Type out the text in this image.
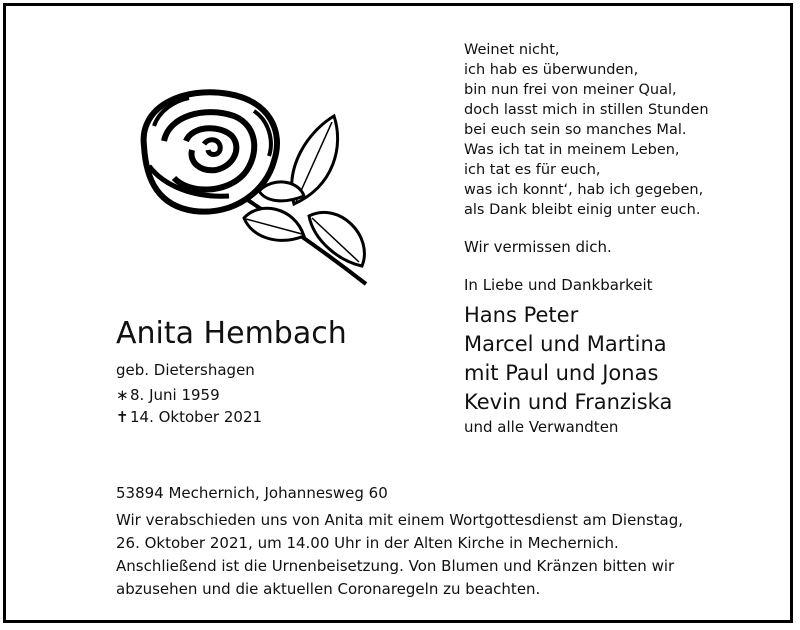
Weinet nicht,
ich hab es überwunden,
bin nun frei von meiner Qual,
doch lasst mich in stillen Stunden
bei euch sein so manches Mal.
Was ich tat in meinem Leben,
ich tat es für euch,
was ich konnt‘, hab ich gegeben,
als Dank bleibt einig unter euch.
Wir vermissen dich.
In Liebe und Dankbarkeit
Hans Peter
Marcel und Martina
mit Paul und Jonas
Kevin und Franziska
und alle Verwandten
Anita Hembach
geb. Dietershagen
∗8. Juni 1959
✝14. Oktober 2021
53894 Mechernich, Johannesweg 60
Wir verabschieden uns von Anita mit einem Wortgottesdienst am Dienstag,
26. Oktober 2021, um 14.00 Uhr in der Alten Kirche in Mechernich.
Anschließend ist die Urnenbeisetzung. Von Blumen und Kränzen bitten wir
abzusehen und die aktuellen Coronaregeln zu beachten.
